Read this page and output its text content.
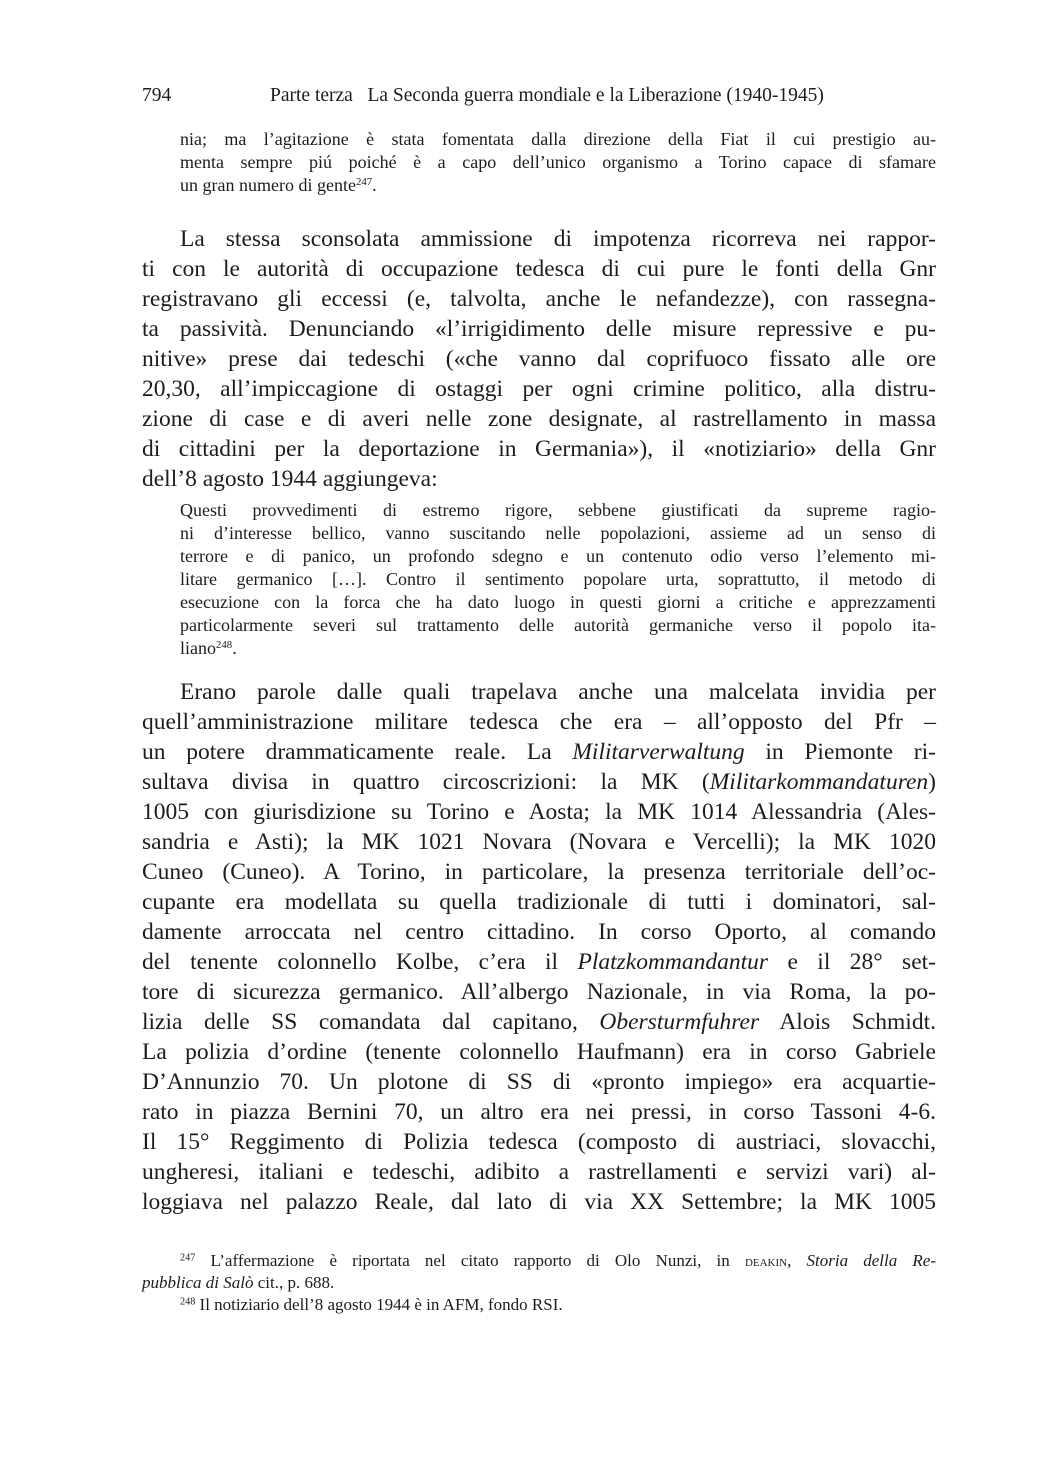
794	Parte terza   La Seconda guerra mondiale e la Liberazione (1940-1945)
nia; ma l’agitazione è stata fomentata dalla direzione della Fiat il cui prestigio au-
menta sempre piú poiché è a capo dell’unico organismo a Torino capace di sfamare
un gran numero di gente$^{247}$.
La stessa sconsolata ammissione di impotenza ricorreva nei rappor-
ti con le autorità di occupazione tedesca di cui pure le fonti della Gnr
registravano gli eccessi (e, talvolta, anche le nefandezze), con rassegna-
ta passività. Denunciando «l’irrigidimento delle misure repressive e pu-
nitive» prese dai tedeschi («che vanno dal coprifuoco fissato alle ore
20,30, all’impiccagione di ostaggi per ogni crimine politico, alla distru-
zione di case e di averi nelle zone designate, al rastrellamento in massa
di cittadini per la deportazione in Germania»), il «notiziario» della Gnr
dell’8 agosto 1944 aggiungeva:
Questi provvedimenti di estremo rigore, sebbene giustificati da supreme ragio-
ni d’interesse bellico, vanno suscitando nelle popolazioni, assieme ad un senso di
terrore e di panico, un profondo sdegno e un contenuto odio verso l’elemento mi-
litare germanico […]. Contro il sentimento popolare urta, soprattutto, il metodo di
esecuzione con la forca che ha dato luogo in questi giorni a critiche e apprezzamenti
particolarmente severi sul trattamento delle autorità germaniche verso il popolo ita-
liano$^{248}$.
Erano parole dalle quali trapelava anche una malcelata invidia per
quell’amministrazione militare tedesca che era – all’opposto del Pfr –
un potere drammaticamente reale. La Militarverwaltung in Piemonte ri-
sultava divisa in quattro circoscrizioni: la MK (Militarkommandaturen)
1005 con giurisdizione su Torino e Aosta; la MK 1014 Alessandria (Ales-
sandria e Asti); la MK 1021 Novara (Novara e Vercelli); la MK 1020
Cuneo (Cuneo). A Torino, in particolare, la presenza territoriale dell’oc-
cupante era modellata su quella tradizionale di tutti i dominatori, sal-
damente arroccata nel centro cittadino. In corso Oporto, al comando
del tenente colonnello Kolbe, c’era il Platzkommandantur e il 28° set-
tore di sicurezza germanico. All’albergo Nazionale, in via Roma, la po-
lizia delle SS comandata dal capitano, Obersturmfuhrer Alois Schmidt.
La polizia d’ordine (tenente colonnello Haufmann) era in corso Gabriele
D’Annunzio 70. Un plotone di SS di «pronto impiego» era acquartie-
rato in piazza Bernini 70, un altro era nei pressi, in corso Tassoni 4-6.
Il 15° Reggimento di Polizia tedesca (composto di austriaci, slovacchi,
ungheresi, italiani e tedeschi, adibito a rastrellamenti e servizi vari) al-
loggiava nel palazzo Reale, dal lato di via XX Settembre; la MK 1005
$^{247}$ L’affermazione è riportata nel citato rapporto di Olo Nunzi, in deakin, Storia della Re-
pubblica di Salò cit., p. 688.
$^{248}$ Il notiziario dell’8 agosto 1944 è in AFM, fondo RSI.
